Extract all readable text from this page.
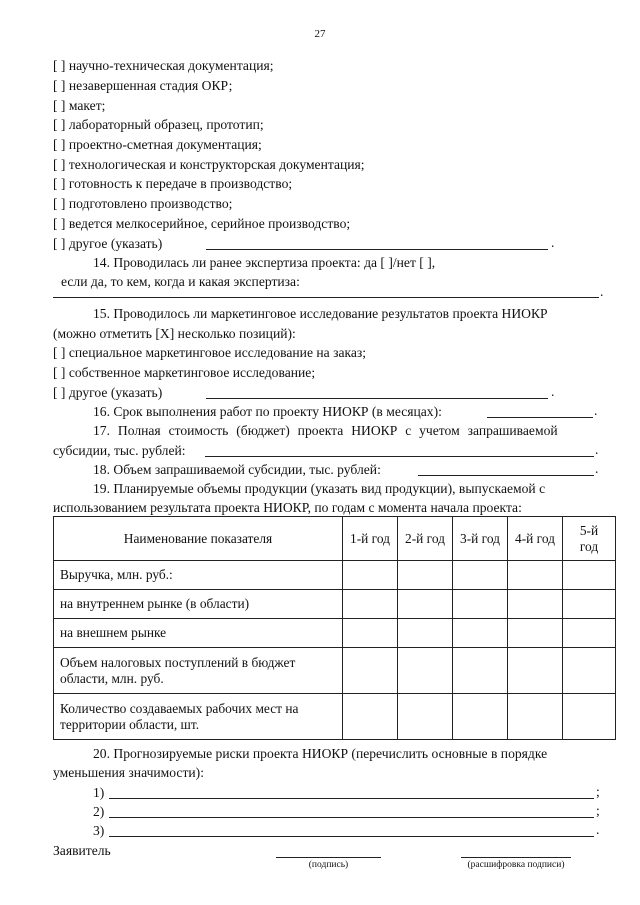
27
[ ] научно-техническая документация;
[ ] незавершенная стадия ОКР;
[ ] макет;
[ ] лабораторный образец, прототип;
[ ] проектно-сметная документация;
[ ] технологическая и конструкторская документация;
[ ] готовность к передаче в производство;
[ ] подготовлено производство;
[ ] ведется мелкосерийное, серийное производство;
[ ] другое (указать)	.
14. Проводилась ли ранее экспертиза проекта: да [ ]/нет [ ],
если да, то кем, когда и какая экспертиза:
.
15. Проводилось ли маркетинговое исследование результатов проекта НИОКР
(можно отметить [X] несколько позиций):
[ ] специальное маркетинговое исследование на заказ;
[ ] собственное маркетинговое исследование;
[ ] другое (указать)	.
16. Срок выполнения работ по проекту НИОКР (в месяцах):	.
17. Полная стоимость (бюджет) проекта НИОКР с учетом запрашиваемой
субсидии, тыс. рублей:	.
18. Объем запрашиваемой субсидии, тыс. рублей:	.
Наименование показателя	1-й год	2-й год	3-й год	4-й год	5-й год
Выручка, млн. руб.:					
на внутреннем рынке (в области)					
на внешнем рынке					
Объем налоговых поступлений в бюджет области, млн. руб.					
Количество создаваемых рабочих мест на территории области, шт.					
19. Планируемые объемы продукции (указать вид продукции), выпускаемой с
использованием результата проекта НИОКР, по годам с момента начала проекта:
20. Прогнозируемые риски проекта НИОКР (перечислить основные в порядке
уменьшения значимости):
1)	;
2)	;
3)	.
Заявитель
(подпись)	(расшифровка подписи)
